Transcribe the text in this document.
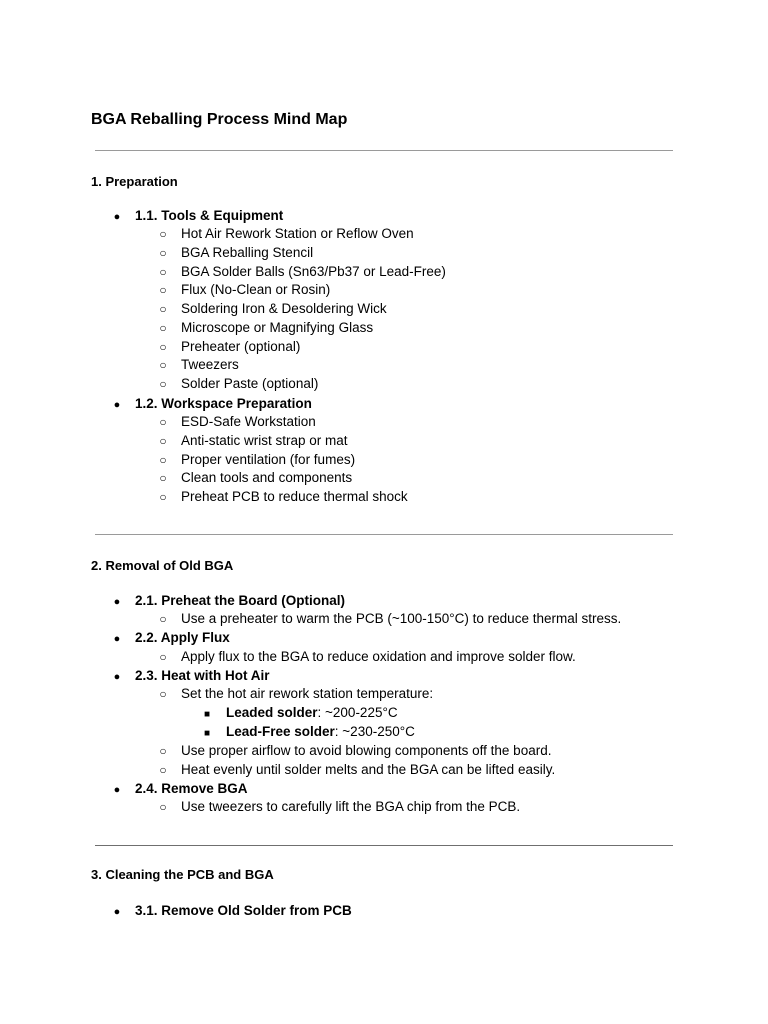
BGA Reballing Process Mind Map
1. Preparation
● 1.1. Tools & Equipment
○ Hot Air Rework Station or Reflow Oven
○ BGA Reballing Stencil
○ BGA Solder Balls (Sn63/Pb37 or Lead-Free)
○ Flux (No-Clean or Rosin)
○ Soldering Iron & Desoldering Wick
○ Microscope or Magnifying Glass
○ Preheater (optional)
○ Tweezers
○ Solder Paste (optional)
● 1.2. Workspace Preparation
○ ESD-Safe Workstation
○ Anti-static wrist strap or mat
○ Proper ventilation (for fumes)
○ Clean tools and components
○ Preheat PCB to reduce thermal shock
2. Removal of Old BGA
● 2.1. Preheat the Board (Optional)
○ Use a preheater to warm the PCB (~100-150°C) to reduce thermal stress.
● 2.2. Apply Flux
○ Apply flux to the BGA to reduce oxidation and improve solder flow.
● 2.3. Heat with Hot Air
○ Set the hot air rework station temperature:
■ Leaded solder: ~200-225°C
■ Lead-Free solder: ~230-250°C
○ Use proper airflow to avoid blowing components off the board.
○ Heat evenly until solder melts and the BGA can be lifted easily.
● 2.4. Remove BGA
○ Use tweezers to carefully lift the BGA chip from the PCB.
3. Cleaning the PCB and BGA
● 3.1. Remove Old Solder from PCB
